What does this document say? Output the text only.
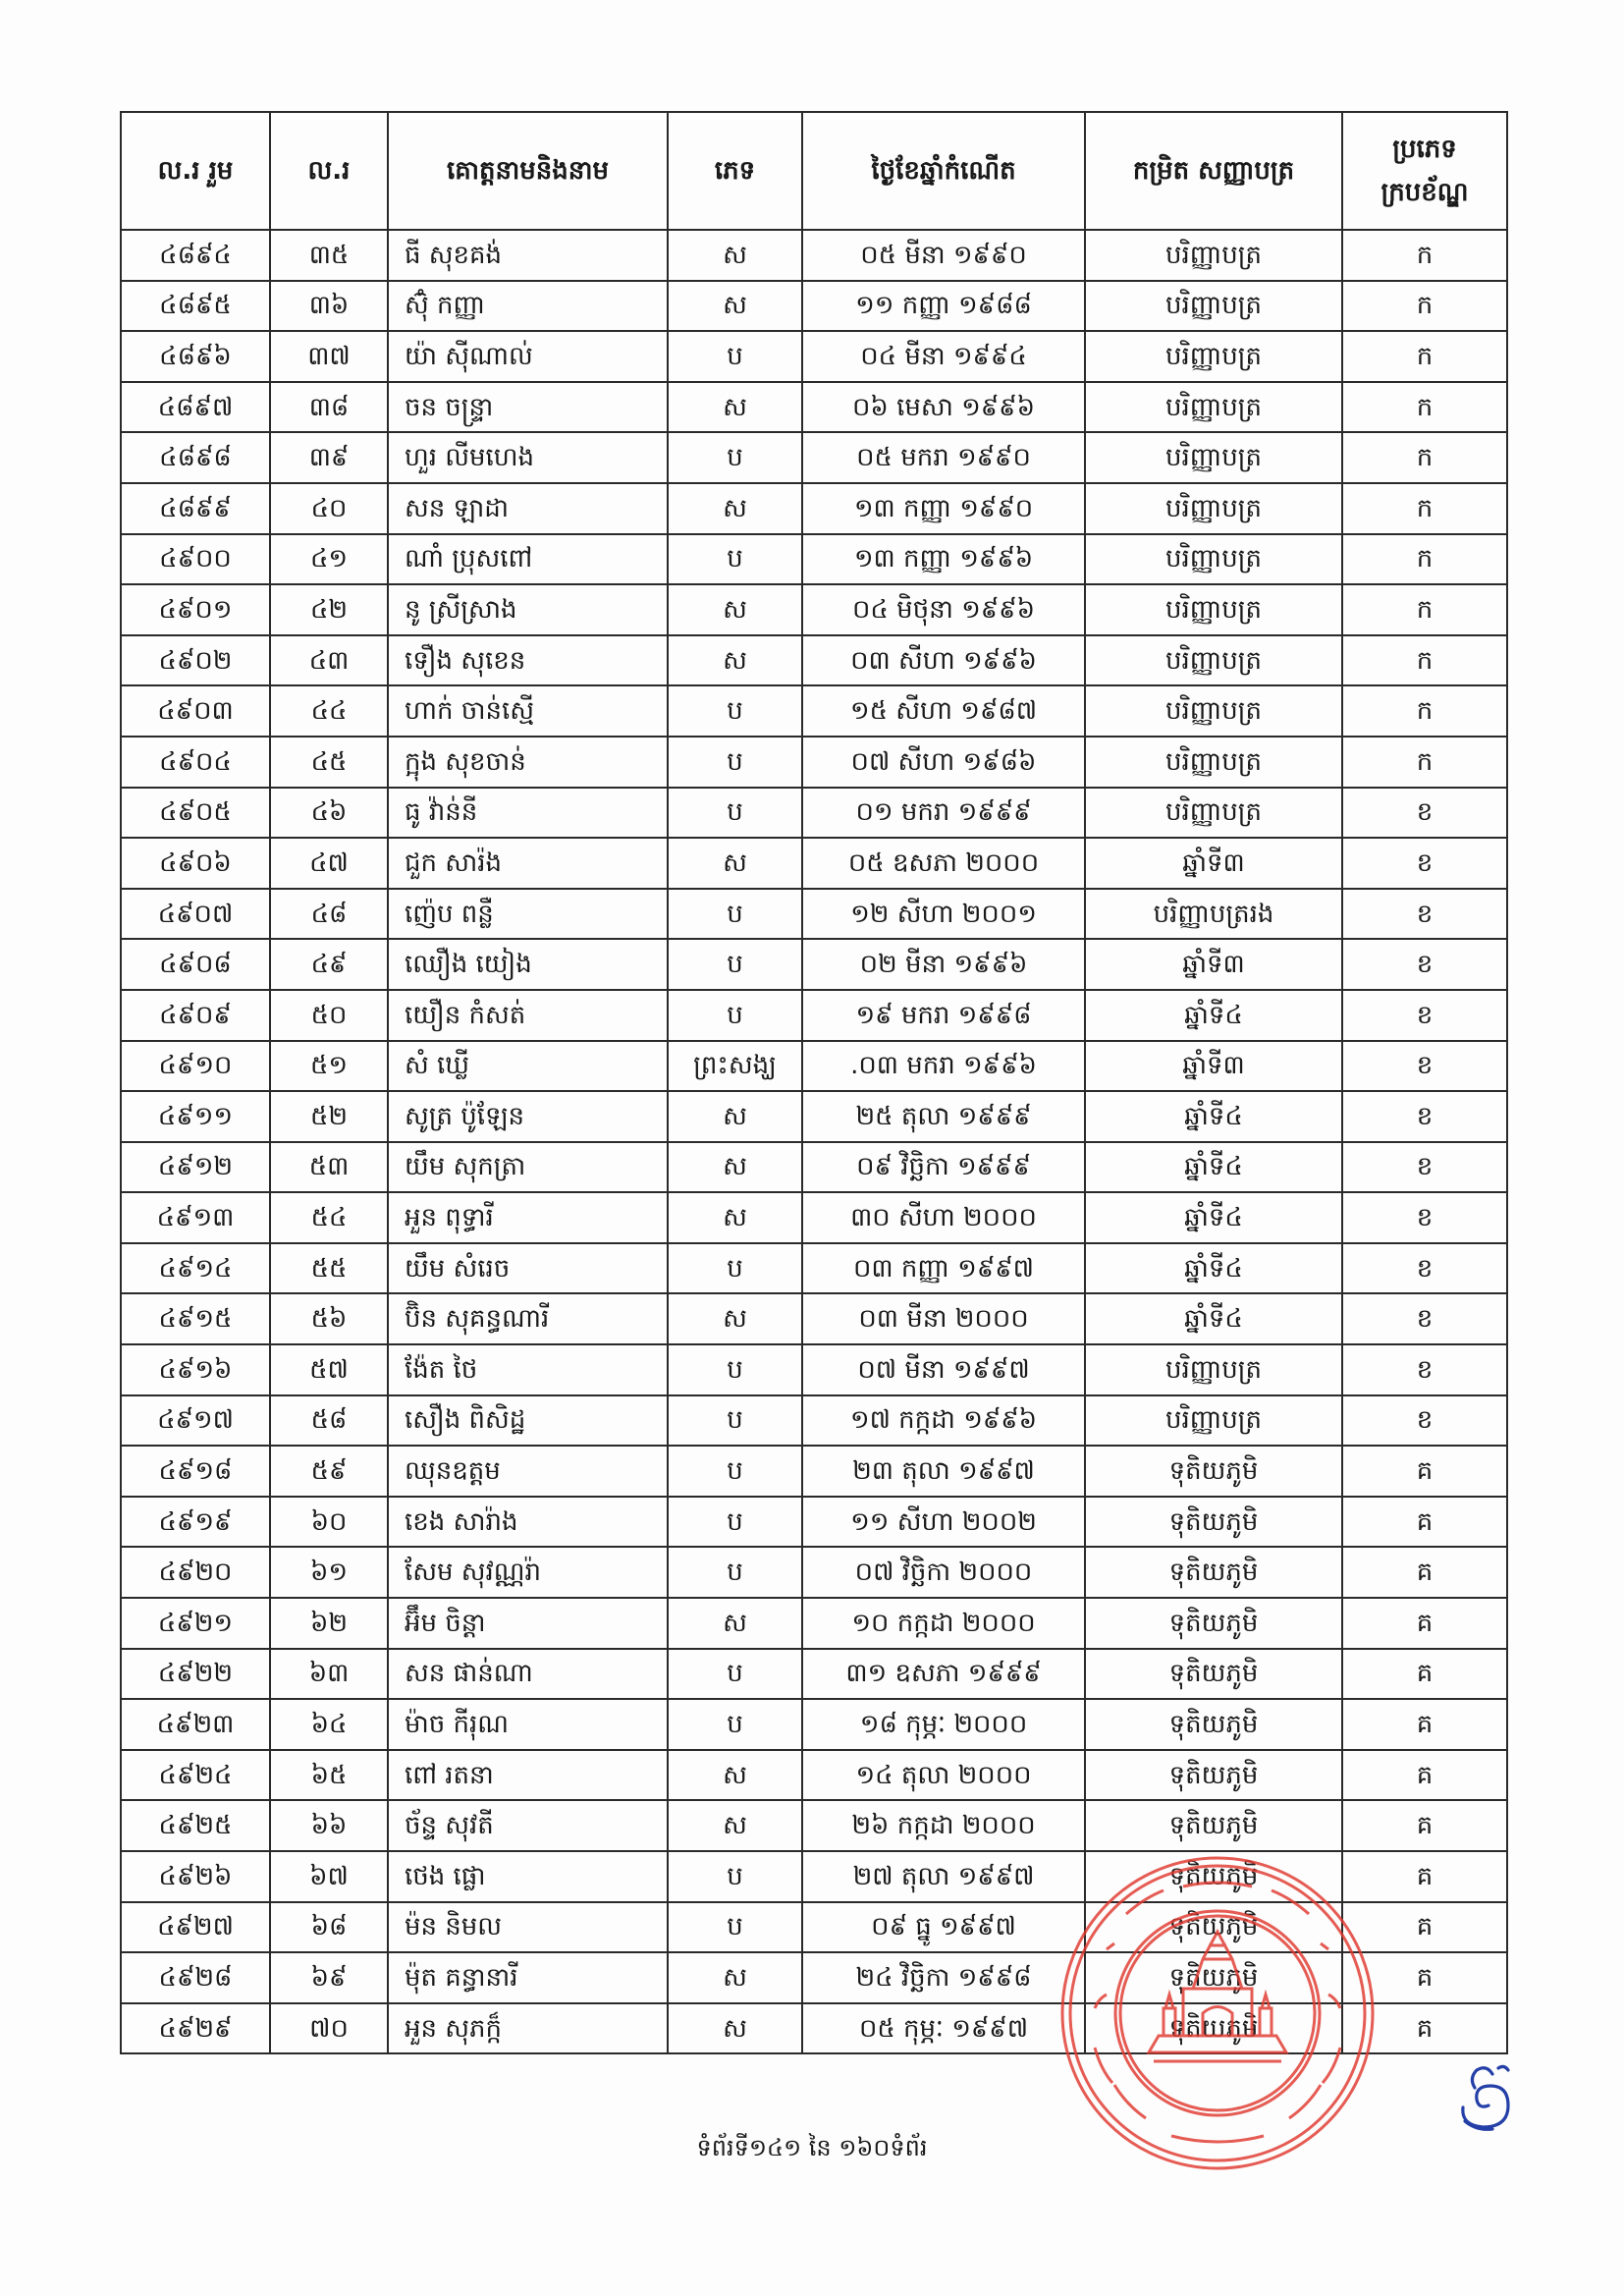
ល.រ រួម	ល.រ	គោត្តនាមនិងនាម	ភេទ	ថ្ងៃខែឆ្នាំកំណើត	កម្រិត សញ្ញាបត្រ	ប្រភេទ ក្របខ័ណ្ឌ
៤៨៩៤	៣៥	ធី សុខគង់	ស	០៥ មីនា ១៩៩០	បរិញ្ញាបត្រ	ក
៤៨៩៥	៣៦	ស៊ុំ កញ្ញា	ស	១១ កញ្ញា ១៩៨៨	បរិញ្ញាបត្រ	ក
៤៨៩៦	៣៧	យ៉ា ស៊ីណាល់	ប	០៤ មីនា ១៩៩៤	បរិញ្ញាបត្រ	ក
៤៨៩៧	៣៨	ចន ចន្ទ្រា	ស	០៦ មេសា ១៩៩៦	បរិញ្ញាបត្រ	ក
៤៨៩៨	៣៩	ហួរ លីមហេង	ប	០៥ មករា ១៩៩០	បរិញ្ញាបត្រ	ក
៤៨៩៩	៤០	សន ឡាដា	ស	១៣ កញ្ញា ១៩៩០	បរិញ្ញាបត្រ	ក
៤៩០០	៤១	ណាំ ប្រុសពៅ	ប	១៣ កញ្ញា ១៩៩៦	បរិញ្ញាបត្រ	ក
៤៩០១	៤២	នូ ស្រីស្រាង	ស	០៤ មិថុនា ១៩៩៦	បរិញ្ញាបត្រ	ក
៤៩០២	៤៣	ទឿង សុខេន	ស	០៣ សីហា ១៩៩៦	បរិញ្ញាបត្រ	ក
៤៩០៣	៤៤	ហាក់ ចាន់ស្មើ	ប	១៥ សីហា ១៩៨៧	បរិញ្ញាបត្រ	ក
៤៩០៤	៤៥	ក្អុង សុខចាន់	ប	០៧ សីហា ១៩៨៦	បរិញ្ញាបត្រ	ក
៤៩០៥	៤៦	ធូ វ៉ាន់នី	ប	០១ មករា ១៩៩៩	បរិញ្ញាបត្រ	ខ
៤៩០៦	៤៧	ជួក សារ៉ង	ស	០៥ ឧសភា ២០០០	ឆ្នាំទី៣	ខ
៤៩០៧	៤៨	ញ៉េប ពន្លឺ	ប	១២ សីហា ២០០១	បរិញ្ញាបត្ររង	ខ
៤៩០៨	៤៩	ឈឿង យៀង	ប	០២ មីនា ១៩៩៦	ឆ្នាំទី៣	ខ
៤៩០៩	៥០	យឿន កំសត់	ប	១៩ មករា ១៩៩៨	ឆ្នាំទី៤	ខ
៤៩១០	៥១	សំ ឃ្លើ	ព្រះសង្ឃ	.០៣ មករា ១៩៩៦	ឆ្នាំទី៣	ខ
៤៩១១	៥២	សូត្រ ប៉ូឡែន	ស	២៥ តុលា ១៩៩៩	ឆ្នាំទី៤	ខ
៤៩១២	៥៣	យឹម សុកត្រា	ស	០៩ វិច្ឆិកា ១៩៩៩	ឆ្នាំទី៤	ខ
៤៩១៣	៥៤	អួន ពុទ្ធារី	ស	៣០ សីហា ២០០០	ឆ្នាំទី៤	ខ
៤៩១៤	៥៥	យឹម សំរេច	ប	០៣ កញ្ញា ១៩៩៧	ឆ្នាំទី៤	ខ
៤៩១៥	៥៦	ប៊ិន សុគន្ធណារី	ស	០៣ មីនា ២០០០	ឆ្នាំទី៤	ខ
៤៩១៦	៥៧	ង៉ែត ថៃ	ប	០៧ មីនា ១៩៩៧	បរិញ្ញាបត្រ	ខ
៤៩១៧	៥៨	សឿង ពិសិដ្ឋ	ប	១៧ កក្កដា ១៩៩៦	បរិញ្ញាបត្រ	ខ
៤៩១៨	៥៩	ឈុនឧត្តម	ប	២៣ តុលា ១៩៩៧	ទុតិយភូមិ	គ
៤៩១៩	៦០	ខេង សារ៉ាង	ប	១១ សីហា ២០០២	ទុតិយភូមិ	គ
៤៩២០	៦១	សែម សុវណ្ណរ៉ា	ប	០៧ វិច្ឆិកា ២០០០	ទុតិយភូមិ	គ
៤៩២១	៦២	អ៊ឹម ចិន្តា	ស	១០ កក្កដា ២០០០	ទុតិយភូមិ	គ
៤៩២២	៦៣	សន ផាន់ណា	ប	៣១ ឧសភា ១៩៩៩	ទុតិយភូមិ	គ
៤៩២៣	៦៤	ម៉ាច កីរុណ	ប	១៨ កុម្ភៈ ២០០០	ទុតិយភូមិ	គ
៤៩២៤	៦៥	ពៅ រតនា	ស	១៤ តុលា ២០០០	ទុតិយភូមិ	គ
៤៩២៥	៦៦	ច័ន្ទ សុវតី	ស	២៦ កក្កដា ២០០០	ទុតិយភូមិ	គ
៤៩២៦	៦៧	ថេង ផ្លោ	ប	២៧ តុលា ១៩៩៧	ទុតិយភូមិ	គ
៤៩២៧	៦៨	ម៉ន និមល	ប	០៩ ធ្នូ ១៩៩៧	ទុតិយភូមិ	គ
៤៩២៨	៦៩	ម៉ុត គន្ធានារី	ស	២៤ វិច្ឆិកា ១៩៩៨	ទុតិយភូមិ	គ
៤៩២៩	៧០	អួន សុភក្ក៏	ស	០៥ កុម្ភៈ ១៩៩៧	ទុតិយភូមិ	គ
ទំព័រទី១៤១ នៃ ១៦០ទំព័រ
